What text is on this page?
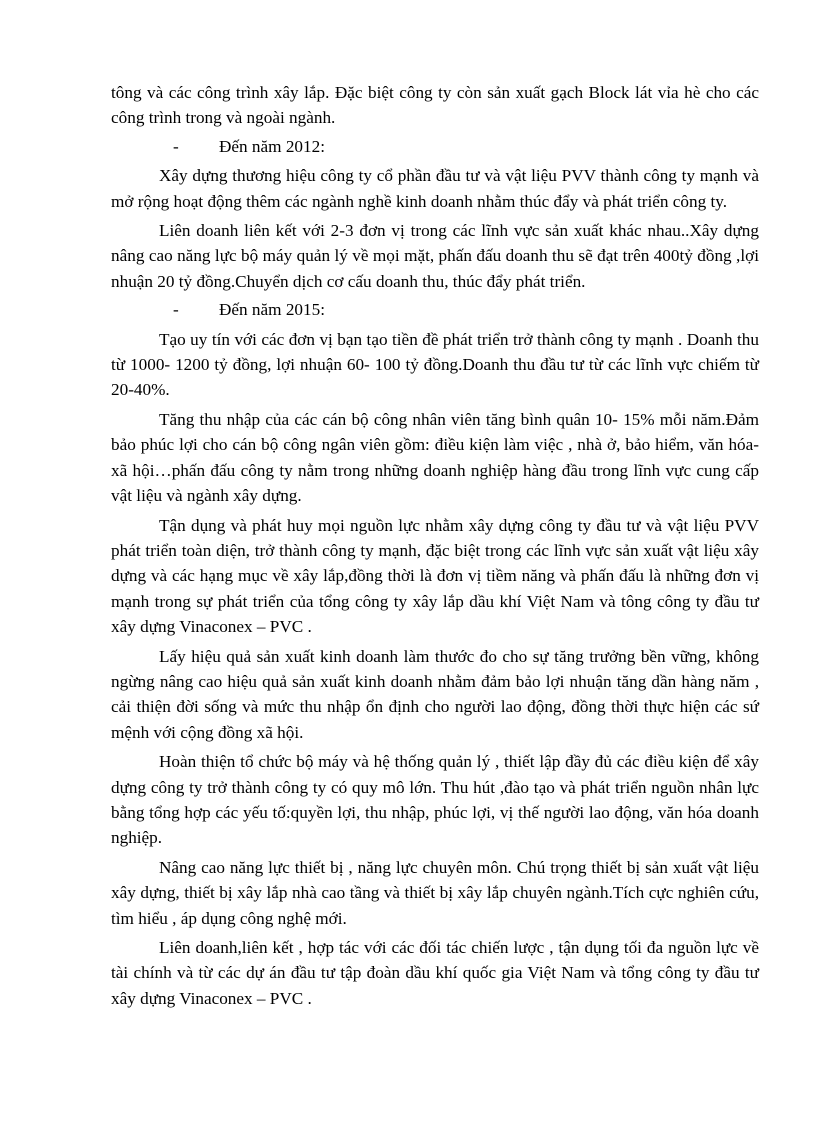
tông và các công trình xây lắp. Đặc biệt công ty còn sản xuất gạch Block lát vỉa hè cho các công trình trong và ngoài ngành.

-	Đến năm 2012:

Xây dựng thương hiệu công ty cổ phần đầu tư và vật liệu PVV thành công ty mạnh và mở rộng hoạt động thêm các ngành nghề kinh doanh nhằm thúc đẩy và phát triển công ty.

Liên doanh liên kết với 2-3 đơn vị trong các lĩnh vực sản xuất khác nhau..Xây dựng nâng cao năng lực bộ máy quản lý về mọi mặt, phấn đấu doanh thu sẽ đạt trên 400tỷ đồng ,lợi nhuận 20 tỷ đồng.Chuyển dịch cơ cấu doanh thu, thúc đẩy phát triển.

-	Đến năm 2015:

Tạo uy tín với các đơn vị bạn tạo tiền đề phát triển trở thành công ty mạnh . Doanh thu từ 1000- 1200 tỷ đồng, lợi nhuận 60- 100 tỷ đồng.Doanh thu đầu tư từ các lĩnh vực chiếm từ 20-40%.

Tăng thu nhập của các cán bộ công nhân viên tăng bình quân 10- 15% mỗi năm.Đảm bảo phúc lợi cho cán bộ công ngân viên gồm: điều kiện làm việc , nhà ở, bảo hiểm, văn hóa- xã hội…phấn đấu công ty nằm trong những doanh nghiệp hàng đầu trong lĩnh vực cung cấp vật liệu và ngành xây dựng.

Tận dụng và phát huy mọi nguồn lực nhằm xây dựng công ty đầu tư và vật liệu PVV phát triển toàn diện, trở thành công ty mạnh, đặc biệt trong các lĩnh vực sản xuất vật liệu xây dựng và các hạng mục về xây lắp,đồng thời là đơn vị tiềm năng và phấn đấu là những đơn vị mạnh trong sự phát triển của tổng công ty xây lắp dầu khí Việt Nam và tông công ty đầu tư xây dựng Vinaconex – PVC .

Lấy hiệu quả sản xuất kinh doanh làm thước đo cho sự tăng trưởng bền vững, không ngừng nâng cao hiệu quả sản xuất kinh doanh nhằm đảm bảo lợi nhuận tăng dần hàng năm , cải thiện đời sống và mức thu nhập ổn định cho người lao động, đồng thời thực hiện các sứ mệnh với cộng đồng xã hội.

Hoàn thiện tổ chức bộ máy và hệ thống quản lý , thiết lập đầy đủ các điều kiện để xây dựng công ty trở thành công ty có quy mô lớn. Thu hút ,đào tạo và phát triển nguồn nhân lực bằng tổng hợp các yếu tố:quyền lợi, thu nhập, phúc lợi, vị thế người lao động, văn hóa doanh nghiệp.

Nâng cao năng lực thiết bị , năng lực chuyên môn. Chú trọng thiết bị sản xuất vật liệu xây dựng, thiết bị xây lắp nhà cao tầng và thiết bị xây lắp chuyên ngành.Tích cực nghiên cứu, tìm hiểu , áp dụng công nghệ mới.

Liên doanh,liên kết , hợp tác với các đối tác chiến lược , tận dụng tối đa nguồn lực về tài chính và từ các dự án đầu tư tập đoàn dầu khí quốc gia Việt Nam và tổng công ty đầu tư xây dựng Vinaconex – PVC .
